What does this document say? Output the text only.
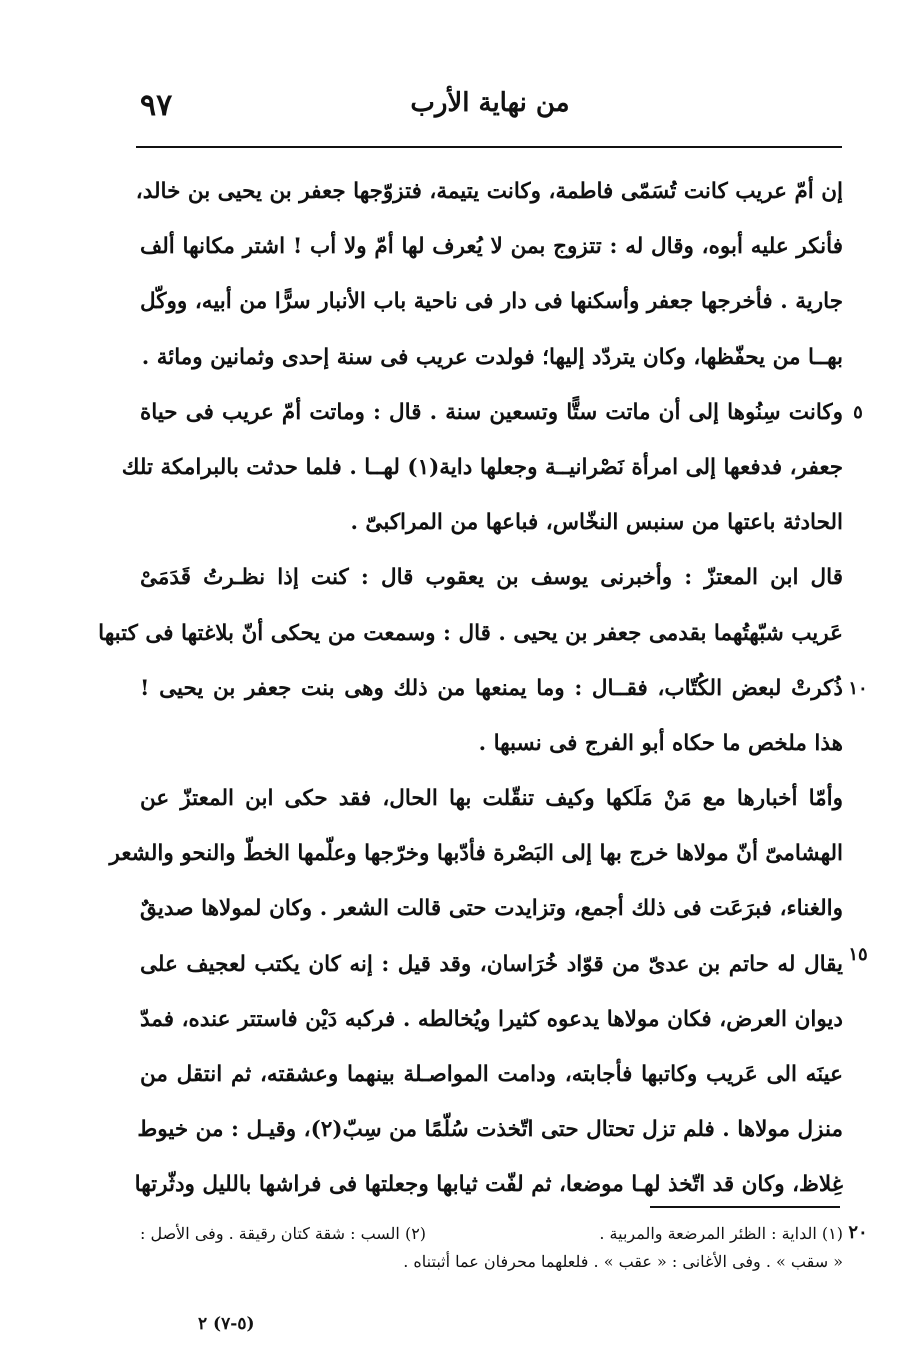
من نهاية الأرب
٩٧
إن أمّ عريب كانت تُسَمّى فاطمة، وكانت يتيمة، فتزوّجها جعفر بن يحيى بن خالد،
فأنكر عليه أبوه، وقال له : تتزوج بمن لا يُعرف لها أمّ ولا أب ! اشتر مكانها ألف
جارية . فأخرجها جعفر وأسكنها فى دار فى ناحية باب الأنبار سرًّا من أبيه، ووكّل
بهــا من يحفّظها، وكان يتردّد إليها؛ فولدت عريب فى سنة إحدى وثمانين ومائة .
وكانت سِنُوها إلى أن ماتت ستًّا وتسعين سنة . قال : وماتت أمّ عريب فى حياة
جعفر، فدفعها إلى امرأة نَصْرانيــة وجعلها داية(١) لهــا . فلما حدثت بالبرامكة تلك
الحادثة باعتها من سنبس النخّاس، فباعها من المراكبىّ .
قال ابن المعتزّ : وأخبرنى يوسف بن يعقوب قال : كنت إذا نظـرتُ قَدَمَىْ
عَريب شبّهتُهما بقدمى جعفر بن يحيى . قال : وسمعت من يحكى أنّ بلاغتها فى كتبها
ذُكرتْ لبعض الكُتّاب، فقــال : وما يمنعها من ذلك وهى بنت جعفر بن يحيى !
هذا ملخص ما حكاه أبو الفرج فى نسبها .
وأمّا أخبارها مع مَنْ مَلَكها وكيف تنقّلت بها الحال، فقد حكى ابن المعتزّ عن
الهشامىّ أنّ مولاها خرج بها إلى البَصْرة فأدّبها وخرّجها وعلّمها الخطّ والنحو والشعر
والغناء، فبرَعَت فى ذلك أجمع، وتزايدت حتى قالت الشعر . وكان لمولاها صديقٌ
يقال له حاتم بن عدىّ من قوّاد خُرَاسان، وقد قيل : إنه كان يكتب لعجيف على
ديوان العرض، فكان مولاها يدعوه كثيرا ويُخالطه . فركبه دَيْن فاستتر عنده، فمدّ
عينَه الى عَريب وكاتبها فأجابته، ودامت المواصـلة بينهما وعشقته، ثم انتقل من
منزل مولاها . فلم تزل تحتال حتى اتّخذت سُلّمًا من سِبّ(٢)، وقيـل : من خيوط
غِلاظ، وكان قد اتّخذ لهـا موضعا، ثم لفّت ثيابها وجعلتها فى فراشها بالليل ودثّرتها
٥
١٠
١٥
٢٠
(١) الداية : الظئر المرضعة والمربية .
(٢) السب : شقة كتان رقيقة . وفى الأصل :
« سقب » . وفى الأغانى : « عقب » . فلعلهما محرفان عما أثبتناه .
(٥-٧) ٢
